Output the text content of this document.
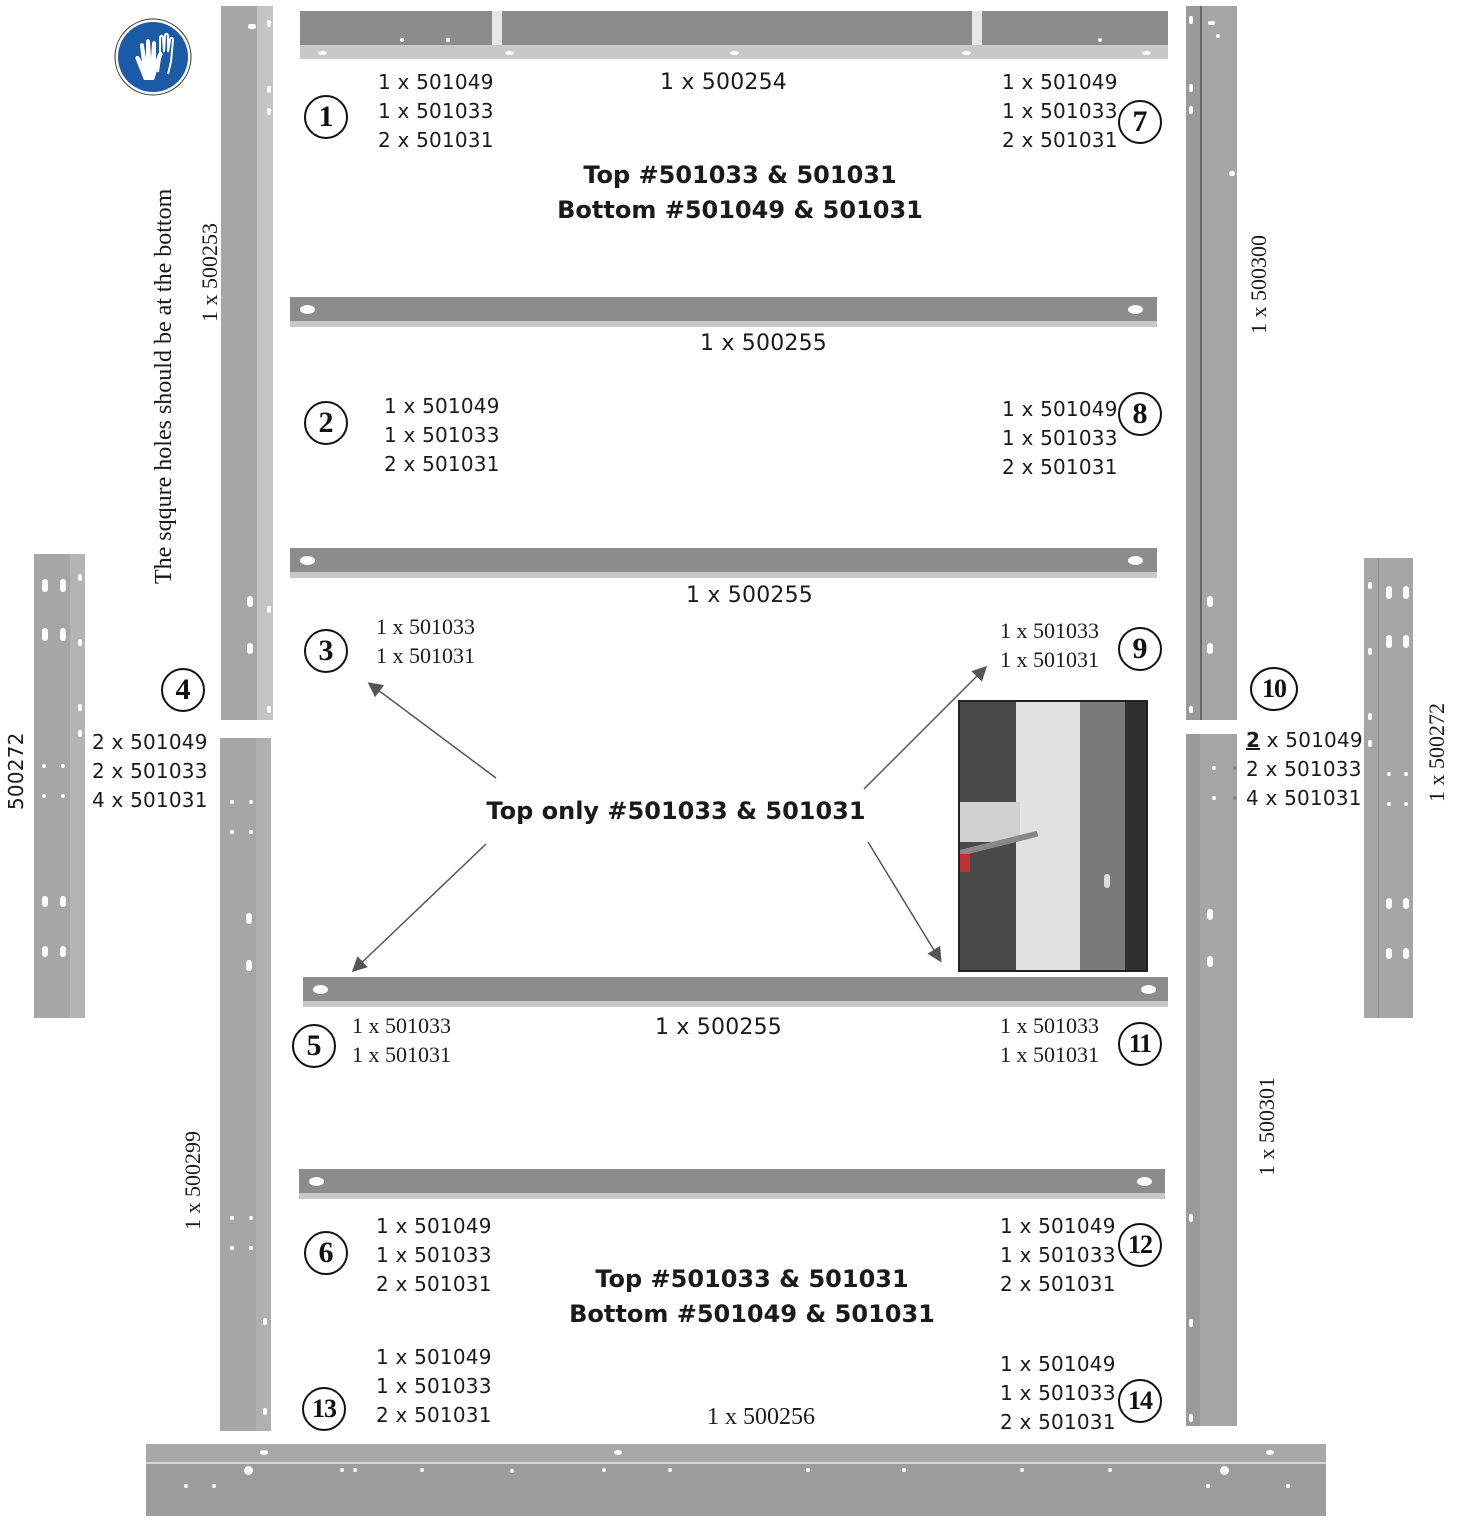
The sqqure holes should be at the bottom 1 x 500253
1 x 500299
1 x 500300
1 x 500301
500272	1 x 500272
1 x 500254
1 x 500255
1 x 500255
1 x 500255
1 x 500256
Top #501033 & 501031
Bottom #501049 & 501031
Top only #501033 & 501031
Top #501033 & 501031
Bottom #501049 & 501031
1
1 x 501049
1 x 501033
2 x 501031
7
1 x 501049
1 x 501033
2 x 501031
2	1 x 501049
1 x 501033
2 x 501031
8
1 x 501049
1 x 501033
2 x 501031
3
1 x 501033
1 x 501031	9
1 x 501033
1 x 501031
4
2 x 501049
2 x 501033
4 x 501031
10
2 x 501049
2 x 501033
4 x 501031
5
1 x 501033
1 x 501031	11
1 x 501033
1 x 501031
6
1 x 501049
1 x 501033
2 x 501031
12
1 x 501049
1 x 501033
2 x 501031
13
1 x 501049
1 x 501033
2 x 501031	14
1 x 501049
1 x 501033
2 x 501031
